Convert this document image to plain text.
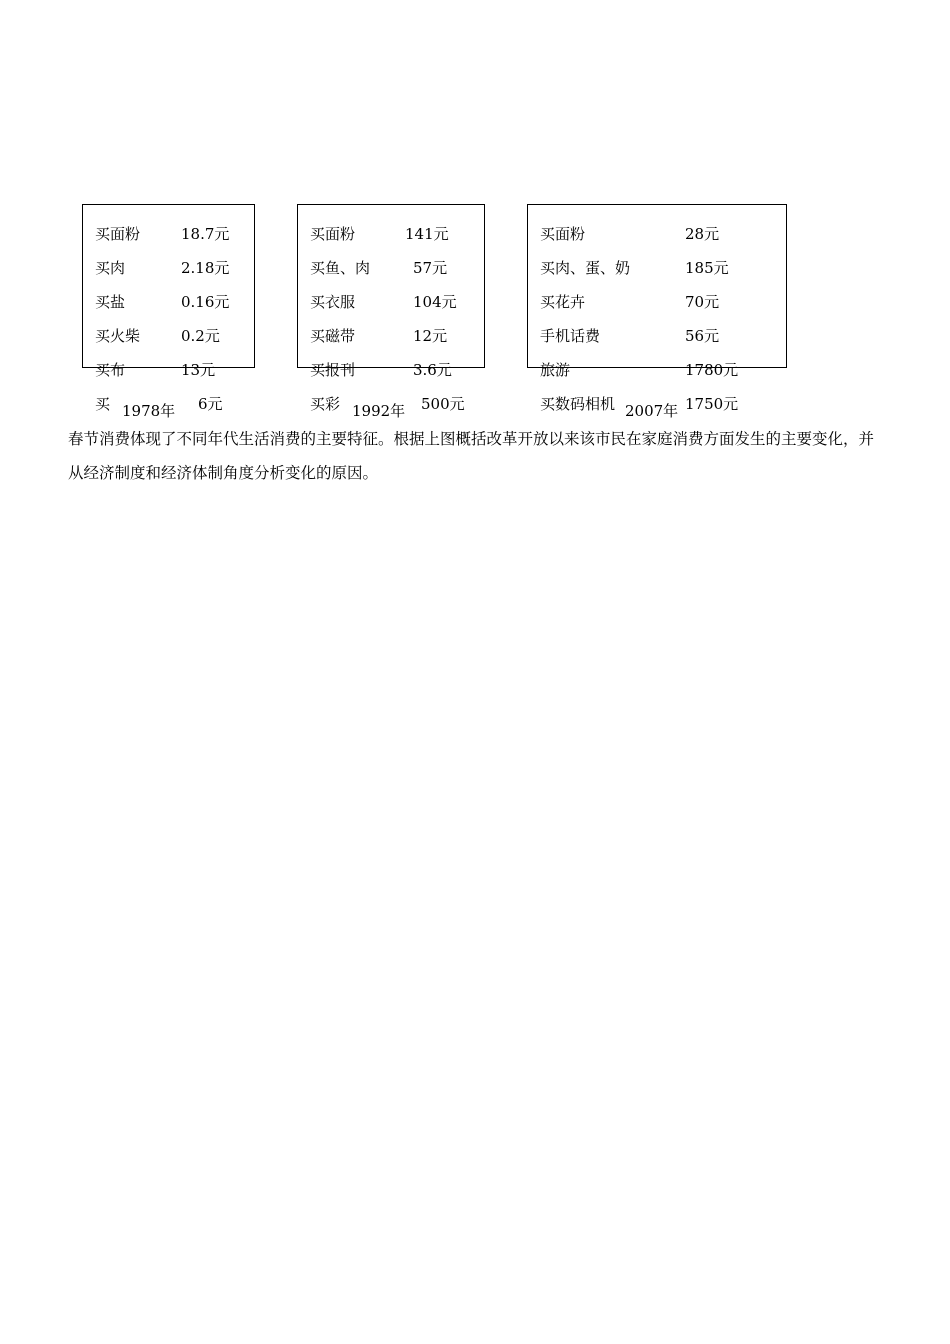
买面粉	18.7元
买肉	2.18元
买盐	0.16元
买火柴	0.2元
买布	13元
买	6元
1978年
买面粉	141元
买鱼、肉	57元
买衣服	104元
买磁带	12元
买报刊	3.6元
买彩	500元
1992年
买面粉	28元
买肉、蛋、奶	185元
买花卉	70元
手机话费	56元
旅游	1780元
买数码相机	1750元
2007年

春节消费体现了不同年代生活消费的主要特征。根据上图概括改革开放以来该市民在家庭消费方面发生的主要变化，并从经济制度和经济体制角度分析变化的原因。
